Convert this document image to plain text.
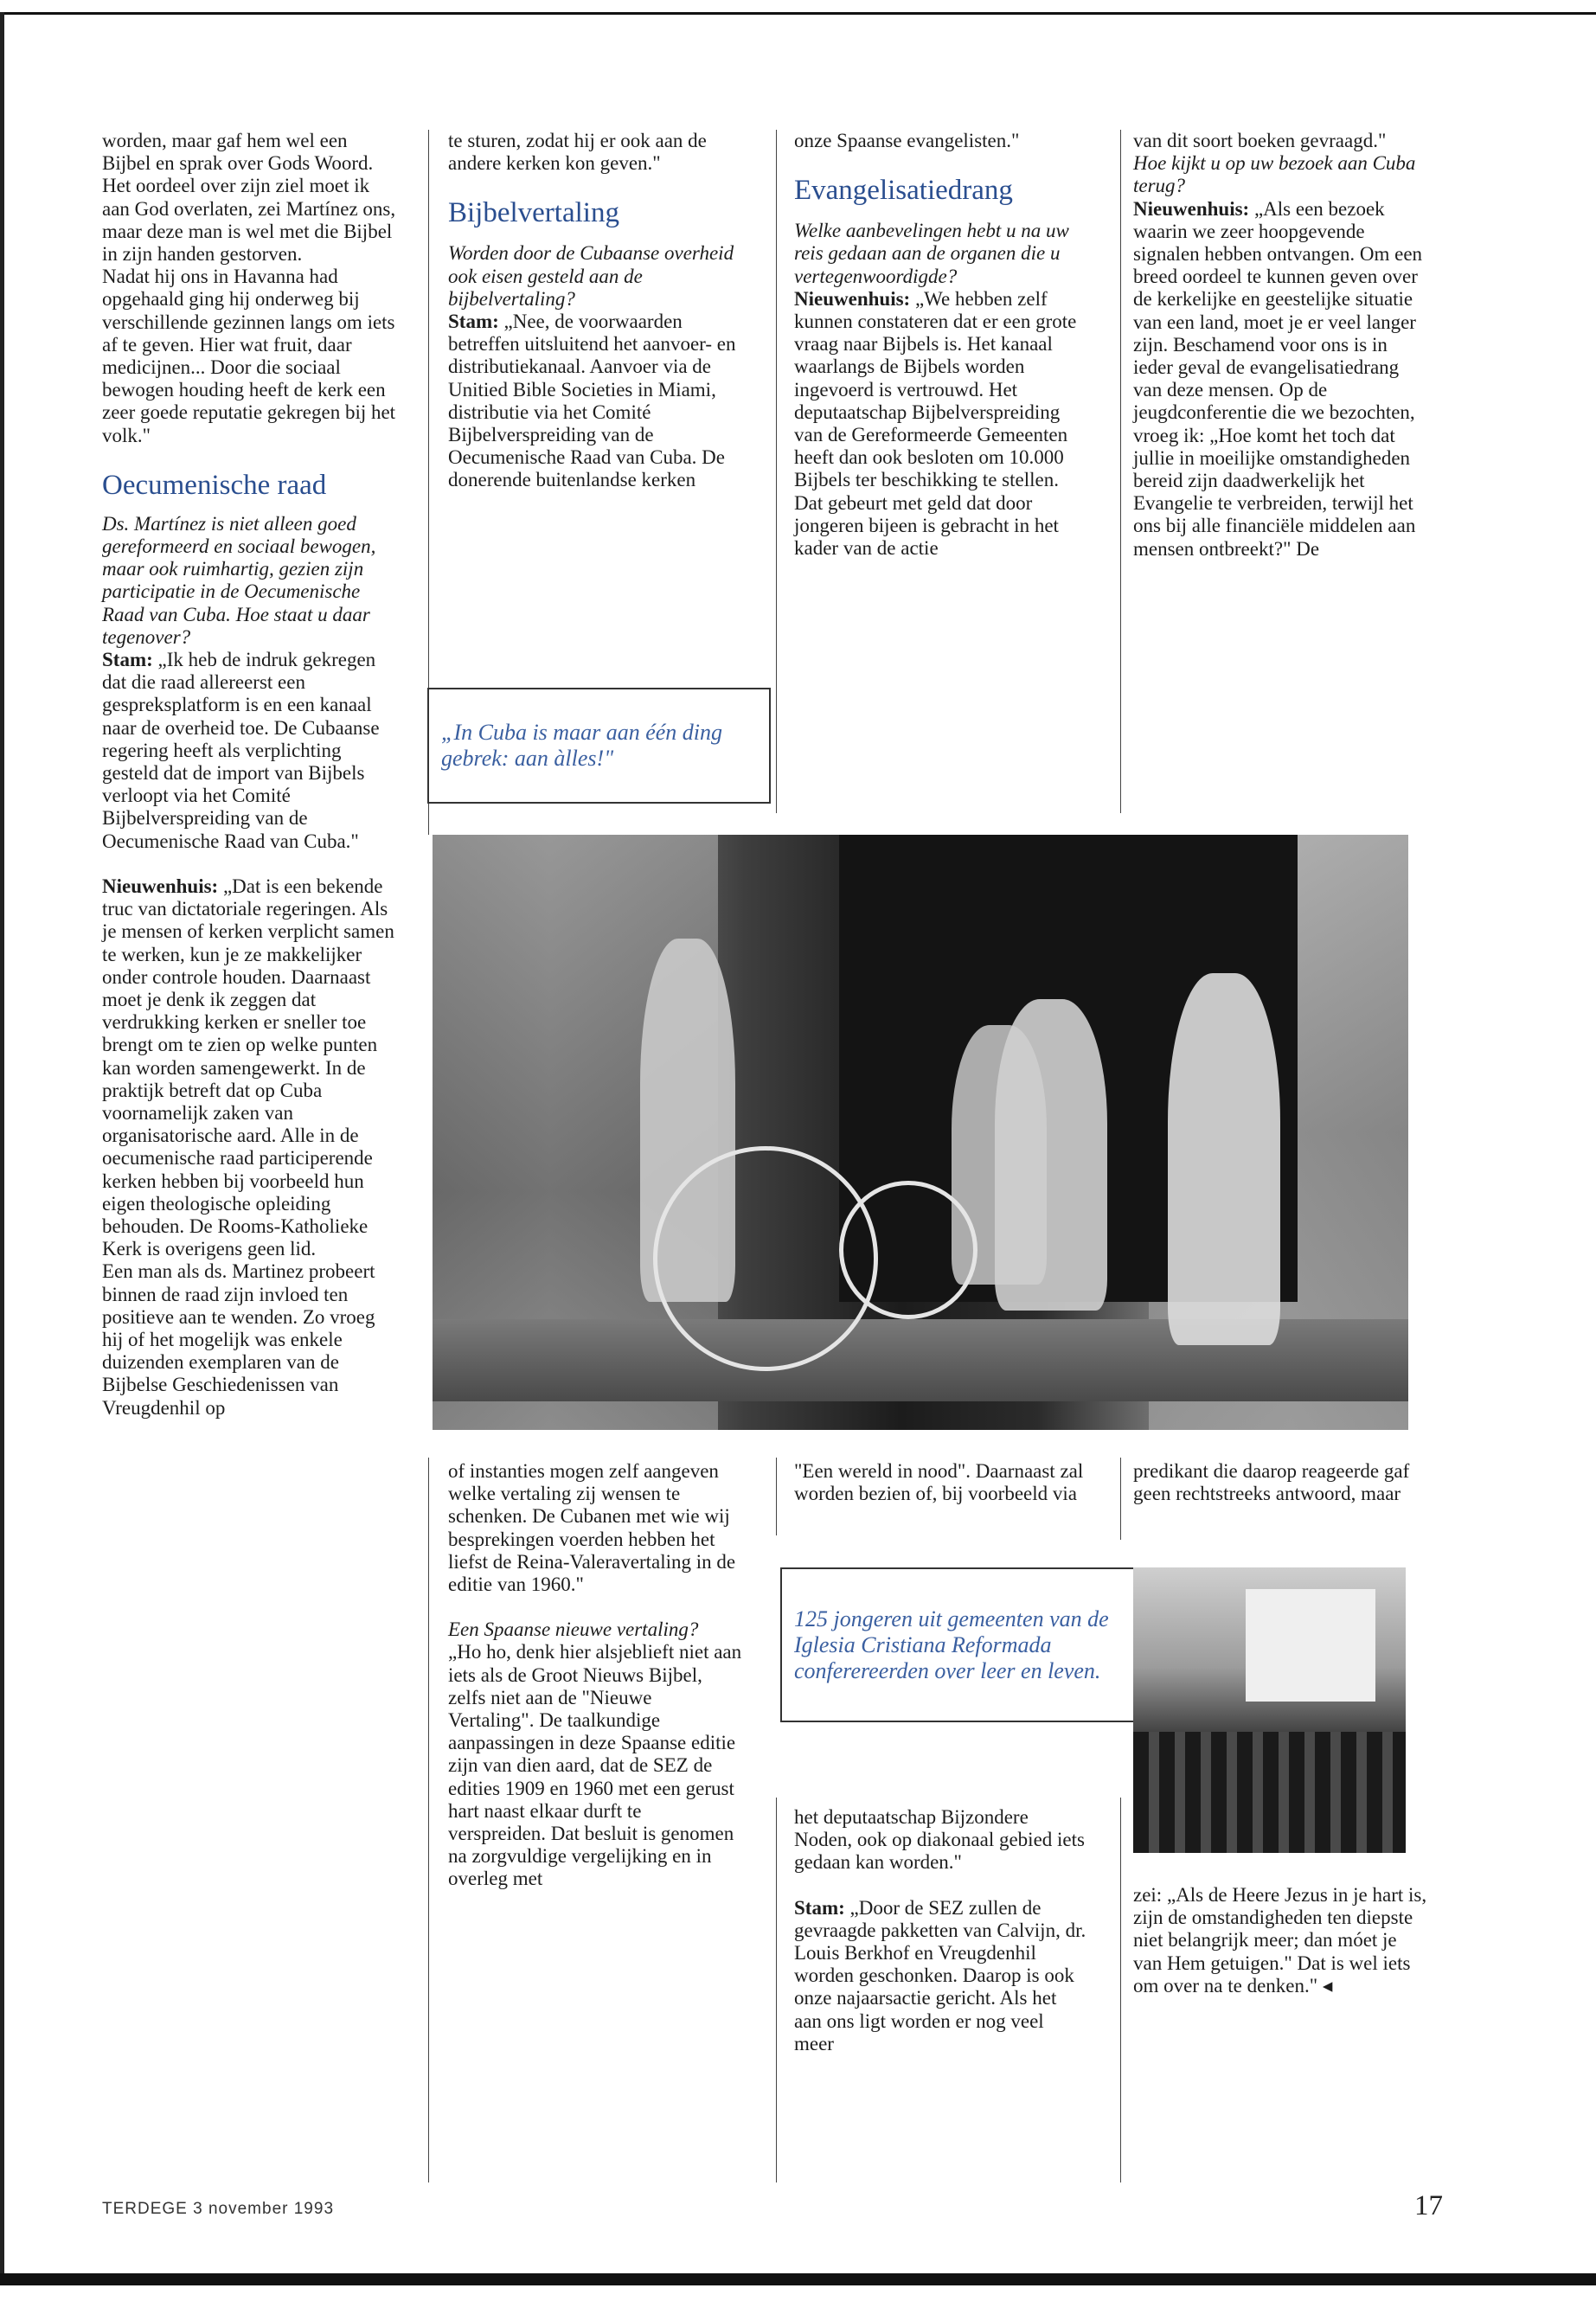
worden, maar gaf hem wel een Bijbel en sprak over Gods Woord. Het oordeel over zijn ziel moet ik aan God overlaten, zei Martínez ons, maar deze man is wel met die Bijbel in zijn handen gestorven.

Nadat hij ons in Havanna had opgehaald ging hij onderweg bij verschillende gezinnen langs om iets af te geven. Hier wat fruit, daar medicijnen... Door die sociaal bewogen houding heeft de kerk een zeer goede reputatie gekregen bij het volk."

Oecumenische raad

Ds. Martínez is niet alleen goed gereformeerd en sociaal bewogen, maar ook ruimhartig, gezien zijn participatie in de Oecumenische Raad van Cuba. Hoe staat u daar tegenover?

Stam: „Ik heb de indruk gekregen dat die raad allereerst een gespreksplatform is en een kanaal naar de overheid toe. De Cubaanse regering heeft als verplichting gesteld dat de import van Bijbels verloopt via het Comité Bijbelverspreiding van de Oecumenische Raad van Cuba."

Nieuwenhuis: „Dat is een bekende truc van dictatoriale regeringen. Als je mensen of kerken verplicht samen te werken, kun je ze makkelijker onder controle houden. Daarnaast moet je denk ik zeggen dat verdrukking kerken er sneller toe brengt om te zien op welke punten kan worden samengewerkt. In de praktijk betreft dat op Cuba voornamelijk zaken van organisatorische aard. Alle in de oecumenische raad participerende kerken hebben bij voorbeeld hun eigen theologische opleiding behouden. De Rooms-Katholieke Kerk is overigens geen lid.

Een man als ds. Martinez probeert binnen de raad zijn invloed ten positieve aan te wenden. Zo vroeg hij of het mogelijk was enkele duizenden exemplaren van de Bijbelse Geschiedenissen van Vreugdenhil op

te sturen, zodat hij er ook aan de andere kerken kon geven."

Bijbelvertaling

Worden door de Cubaanse overheid ook eisen gesteld aan de bijbelvertaling?

Stam: „Nee, de voorwaarden betreffen uitsluitend het aanvoer- en distributiekanaal. Aanvoer via de Unitied Bible Societies in Miami, distributie via het Comité Bijbelverspreiding van de Oecumenische Raad van Cuba. De donerende buitenlandse kerken

„In Cuba is maar aan één ding gebrek: aan àlles!"

onze Spaanse evangelisten."

Evangelisatiedrang

Welke aanbevelingen hebt u na uw reis gedaan aan de organen die u vertegenwoordigde?

Nieuwenhuis: „We hebben zelf kunnen constateren dat er een grote vraag naar Bijbels is. Het kanaal waarlangs de Bijbels worden ingevoerd is vertrouwd. Het deputaatschap Bijbelverspreiding van de Gereformeerde Gemeenten heeft dan ook besloten om 10.000 Bijbels ter beschikking te stellen. Dat gebeurt met geld dat door jongeren bijeen is gebracht in het kader van de actie

van dit soort boeken gevraagd."

Hoe kijkt u op uw bezoek aan Cuba terug?

Nieuwenhuis: „Als een bezoek waarin we zeer hoopgevende signalen hebben ontvangen. Om een breed oordeel te kunnen geven over de kerkelijke en geestelijke situatie van een land, moet je er veel langer zijn. Beschamend voor ons is in ieder geval de evangelisatiedrang van deze mensen. Op de jeugdconferentie die we bezochten, vroeg ik: „Hoe komt het toch dat jullie in moeilijke omstandigheden bereid zijn daadwerkelijk het Evangelie te verbreiden, terwijl het ons bij alle financiële middelen aan mensen ontbreekt?" De

of instanties mogen zelf aangeven welke vertaling zij wensen te schenken. De Cubanen met wie wij besprekingen voerden hebben het liefst de Reina-Valeravertaling in de editie van 1960."

Een Spaanse nieuwe vertaling?

„Ho ho, denk hier alsjeblieft niet aan iets als de Groot Nieuws Bijbel, zelfs niet aan de "Nieuwe Vertaling". De taalkundige aanpassingen in deze Spaanse editie zijn van dien aard, dat de SEZ de edities 1909 en 1960 met een gerust hart naast elkaar durft te verspreiden. Dat besluit is genomen na zorgvuldige vergelijking en in overleg met

"Een wereld in nood". Daarnaast zal worden bezien of, bij voorbeeld via

125 jongeren uit gemeenten van de Iglesia Cristiana Reformada conferereerden over leer en leven.

het deputaatschap Bijzondere Noden, ook op diakonaal gebied iets gedaan kan worden."

Stam: „Door de SEZ zullen de gevraagde pakketten van Calvijn, dr. Louis Berkhof en Vreugdenhil worden geschonken. Daarop is ook onze najaarsactie gericht. Als het aan ons ligt worden er nog veel meer

predikant die daarop reageerde gaf geen rechtstreeks antwoord, maar

zei: „Als de Heere Jezus in je hart is, zijn de omstandigheden ten diepste niet belangrijk meer; dan móet je van Hem getuigen." Dat is wel iets om over na te denken." ◂

TERDEGE 3 november 1993	17
